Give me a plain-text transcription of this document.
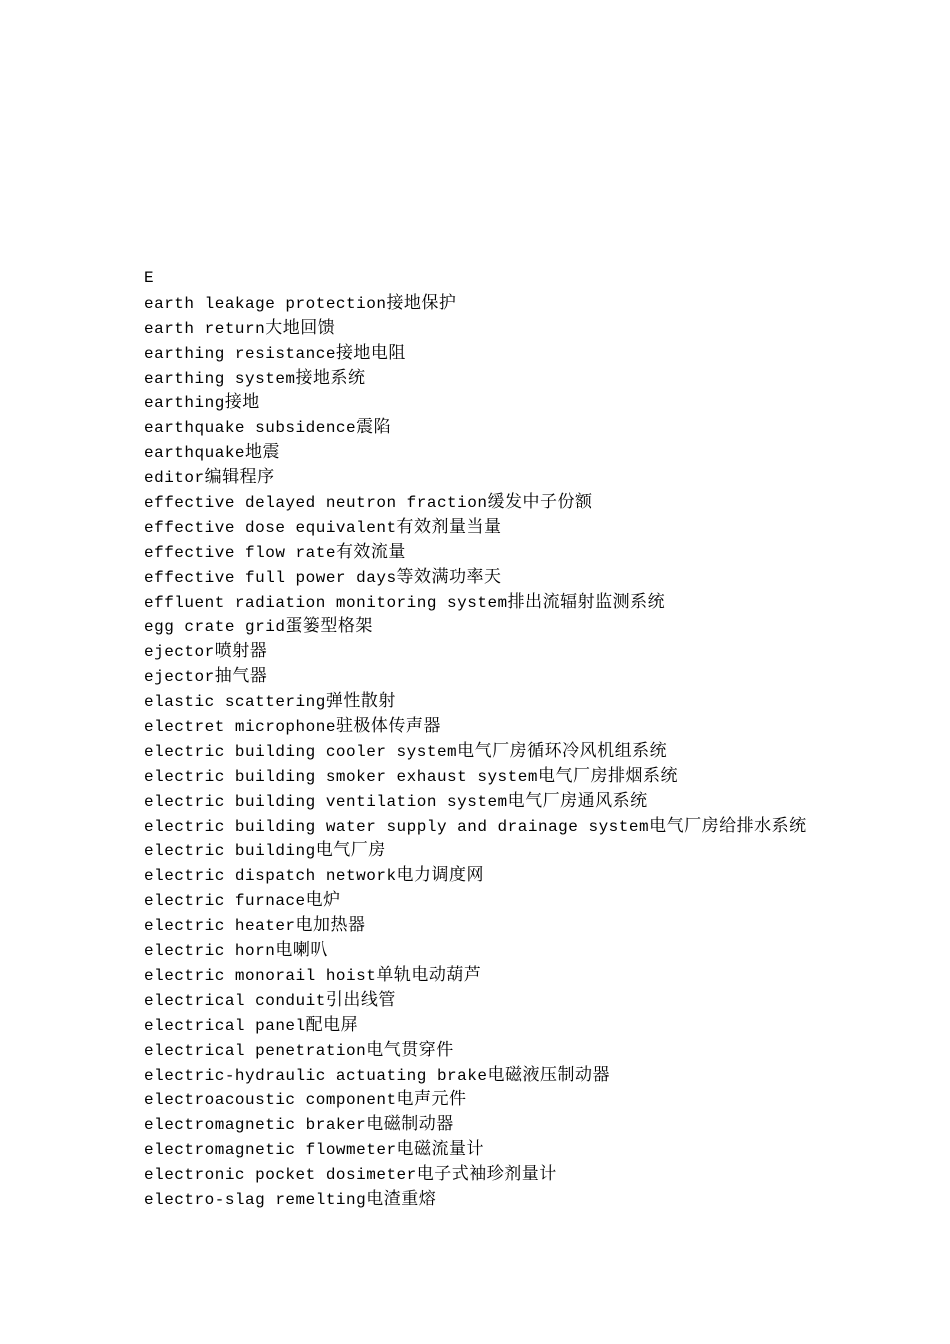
E
earth leakage protection接地保护
earth return大地回馈
earthing resistance接地电阻
earthing system接地系统
earthing接地
earthquake subsidence震陷
earthquake地震
editor编辑程序
effective delayed neutron fraction缓发中子份额
effective dose equivalent有效剂量当量
effective flow rate有效流量
effective full power days等效满功率天
effluent radiation monitoring system排出流辐射监测系统
egg crate grid蛋篓型格架
ejector喷射器
ejector抽气器
elastic scattering弹性散射
electret microphone驻极体传声器
electric building cooler system电气厂房循环冷风机组系统
electric building smoker exhaust system电气厂房排烟系统
electric building ventilation system电气厂房通风系统
electric building water supply and drainage system电气厂房给排水系统
electric building电气厂房
electric dispatch network电力调度网
electric furnace电炉
electric heater电加热器
electric horn电喇叭
electric monorail hoist单轨电动葫芦
electrical conduit引出线管
electrical panel配电屏
electrical penetration电气贯穿件
electric-hydraulic actuating brake电磁液压制动器
electroacoustic component电声元件
electromagnetic braker电磁制动器
electromagnetic flowmeter电磁流量计
electronic pocket dosimeter电子式袖珍剂量计
electro-slag remelting电渣重熔
